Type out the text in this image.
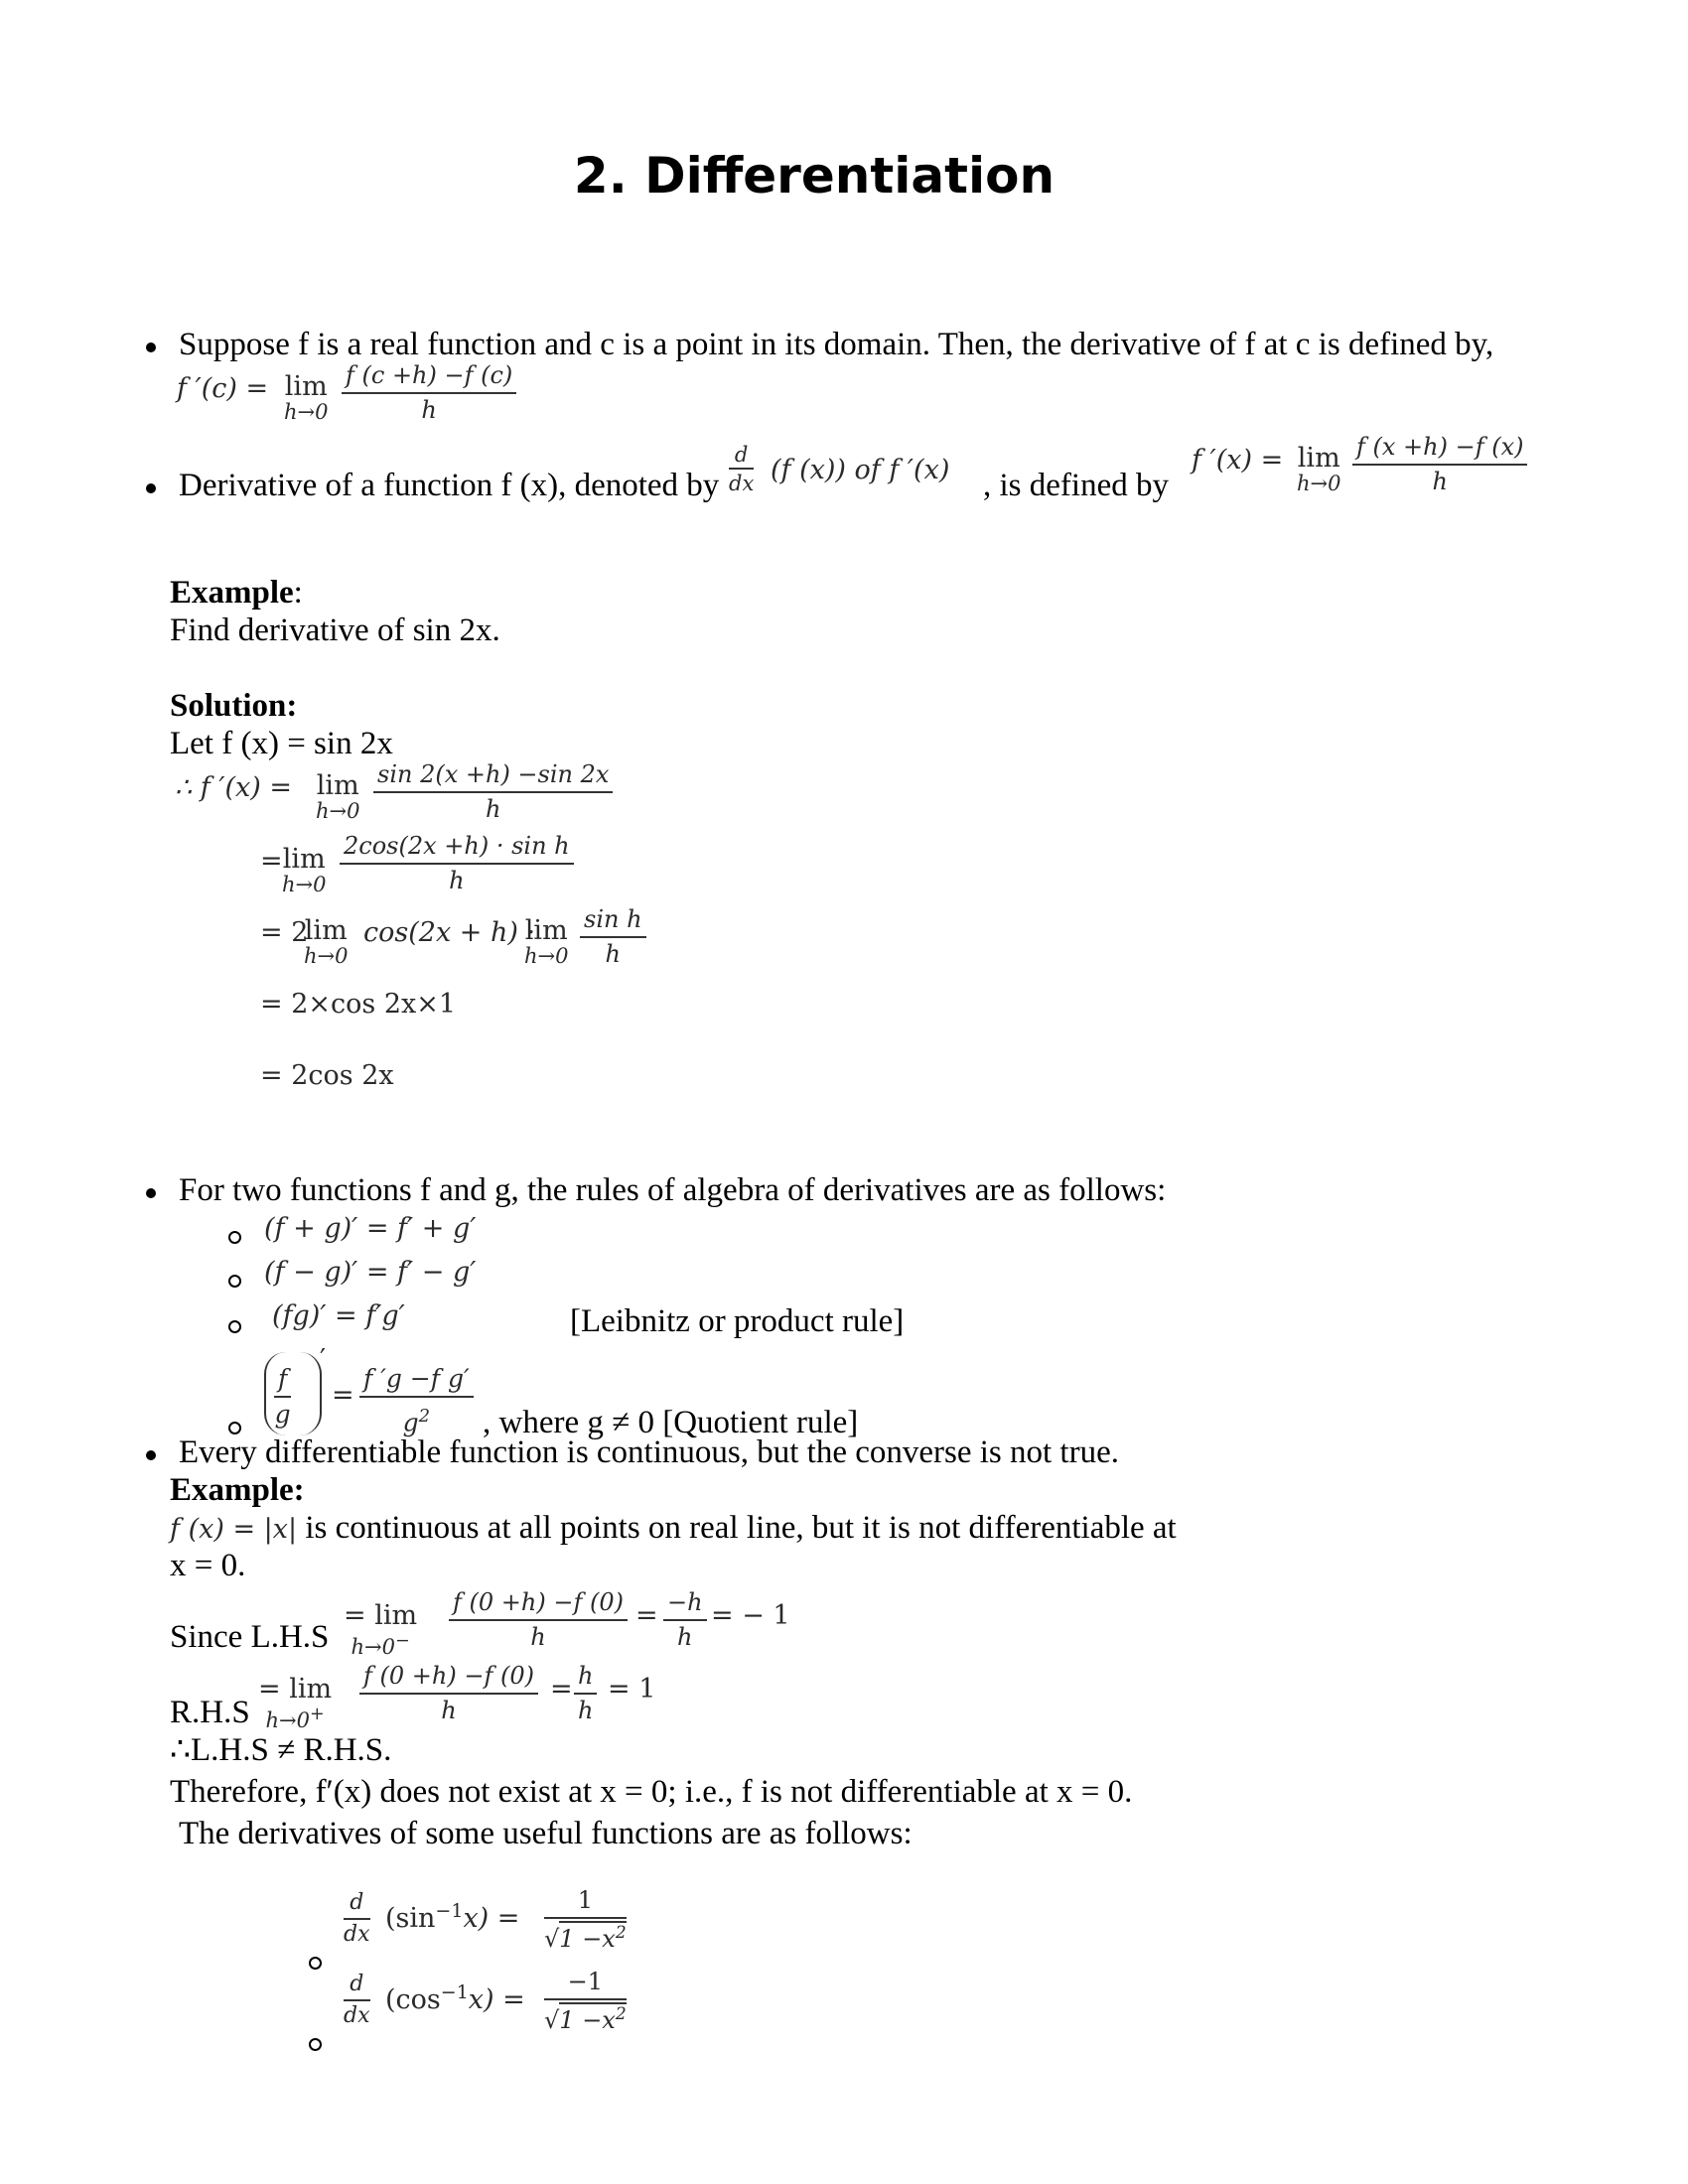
2. Differentiation
Suppose f is a real function and c is a point in its domain. Then, the derivative of f at c is defined by,
f ′(c) = lim
$h\to 0 \frac{f (c +h) -f (c)}{h}$
Derivative of a function f (x), denoted by $\frac{d}{dx} (f$ (x)) of f ′(x) , is defined by
f ′(x) = lim
$h\to 0 \frac{f (x +h) -f (x)}{h}$
Example:
Find derivative of sin 2x.
Solution:
Let f (x) = sin 2x
∴ f ′(x) = lim
$h\to 0 \frac{\sin 2(x +h) -\sin 2x}{h}$
= lim
$h\to 0 \frac{\text{2cos(2x +h) · sin h}}{h}$
= 2
lim
h→0
cos(2x + h) ·
lim
$h\to 0 \frac{\text{sin h}}{h}$
= 2×cos 2x×1
= 2cos 2x
For two functions f and g, the rules of algebra of derivatives are as follows:
(f + g)′ = f′ + g′
(f − g)′ = f′ − g′
(fg)′ = f′g′	[Leibnitz or product rule]
$\frac{f}{g}$
′
= $\frac{\text{f ′g −f g′}}{g^2}$ , where g ≠ 0 [Quotient rule]
Every differentiable function is continuous, but the converse is not true.
Example:
f (x) = |x| is continuous at all points on real line, but it is not differentiable at
x = 0.
Since L.H.S
= lim
h→0−	$\frac{f (0 +h) -f (0)}{h} = \frac{-h}{h}$ = − 1
R.H.S
= lim
h→0+	$\frac{f (0 +h) -f (0)}{h} = \frac{h}{h} = 1$
∴L.H.S ≠ R.H.S.
Therefore, f′(x) does not exist at x = 0; i.e., f is not differentiable at x = 0.
The derivatives of some useful functions are as follows:
$\frac{d}{dx} (\sin^{-1}x) = \frac{1}{√1 -x^2}$
$\frac{d}{dx} (\cos^{-1}x) = \frac{-1}{√1 -x^2}$
